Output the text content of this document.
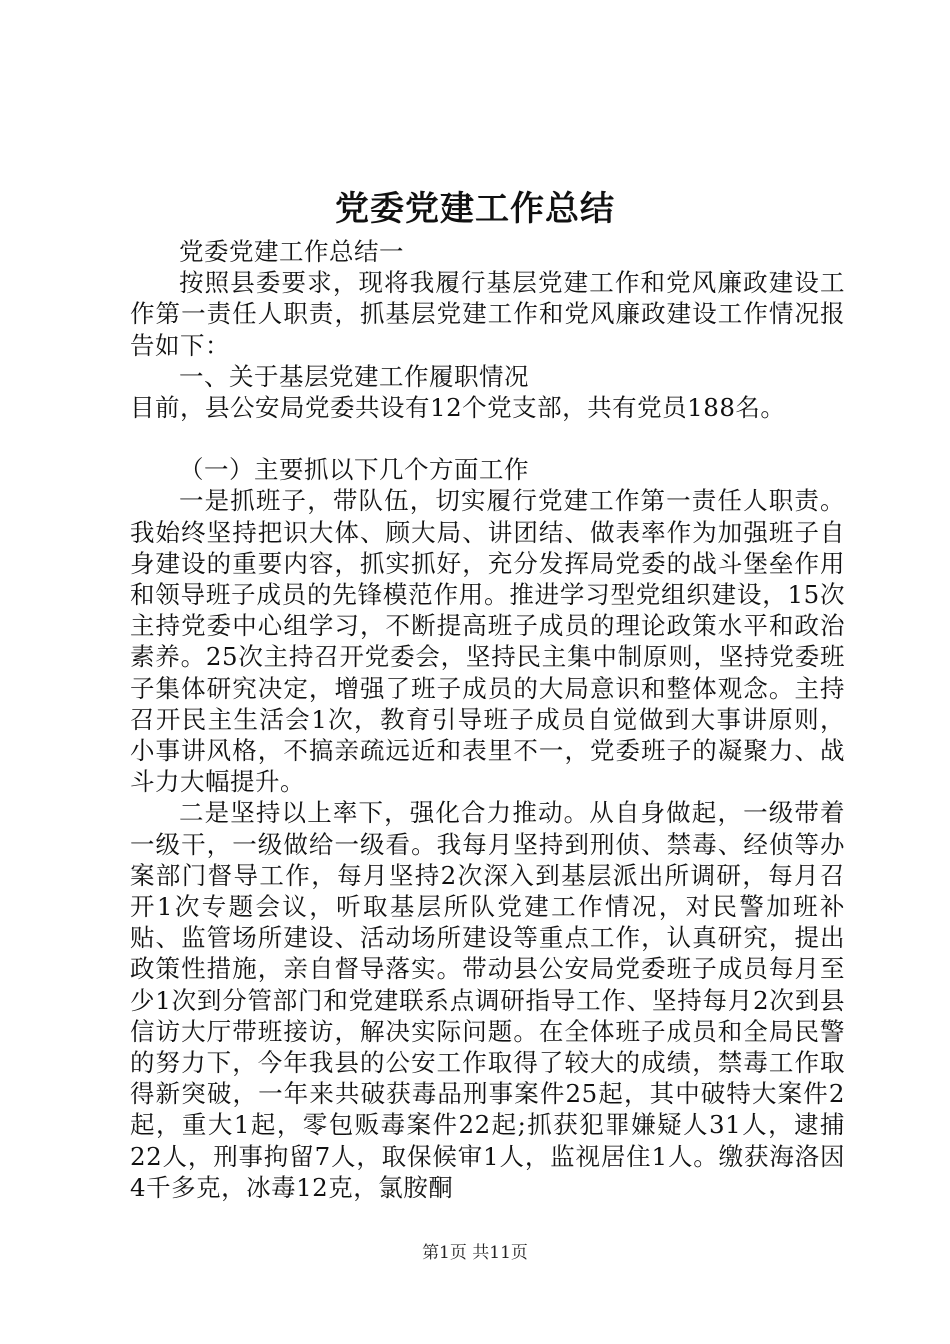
党委党建工作总结

党委党建工作总结一

按照县委要求，现将我履行基层党建工作和党风廉政建设工作第一责任人职责，抓基层党建工作和党风廉政建设工作情况报告如下：

一、关于基层党建工作履职情况

目前，县公安局党委共设有12个党支部，共有党员188名。

（一）主要抓以下几个方面工作

一是抓班子，带队伍，切实履行党建工作第一责任人职责。我始终坚持把识大体、顾大局、讲团结、做表率作为加强班子自身建设的重要内容，抓实抓好，充分发挥局党委的战斗堡垒作用和领导班子成员的先锋模范作用。推进学习型党组织建设，15次主持党委中心组学习，不断提高班子成员的理论政策水平和政治素养。25次主持召开党委会，坚持民主集中制原则，坚持党委班子集体研究决定，增强了班子成员的大局意识和整体观念。主持召开民主生活会1次，教育引导班子成员自觉做到大事讲原则，小事讲风格，不搞亲疏远近和表里不一，党委班子的凝聚力、战斗力大幅提升。

二是坚持以上率下，强化合力推动。从自身做起，一级带着一级干，一级做给一级看。我每月坚持到刑侦、禁毒、经侦等办案部门督导工作，每月坚持2次深入到基层派出所调研，每月召开1次专题会议，听取基层所队党建工作情况，对民警加班补贴、监管场所建设、活动场所建设等重点工作，认真研究，提出政策性措施，亲自督导落实。带动县公安局党委班子成员每月至少1次到分管部门和党建联系点调研指导工作、坚持每月2次到县信访大厅带班接访，解决实际问题。在全体班子成员和全局民警的努力下，今年我县的公安工作取得了较大的成绩，禁毒工作取得新突破，一年来共破获毒品刑事案件25起，其中破特大案件2起，重大1起，零包贩毒案件22起;抓获犯罪嫌疑人31人，逮捕22人，刑事拘留7人，取保候审1人，监视居住1人。缴获海洛因4千多克，冰毒12克，氯胺酮

第1页 共11页
